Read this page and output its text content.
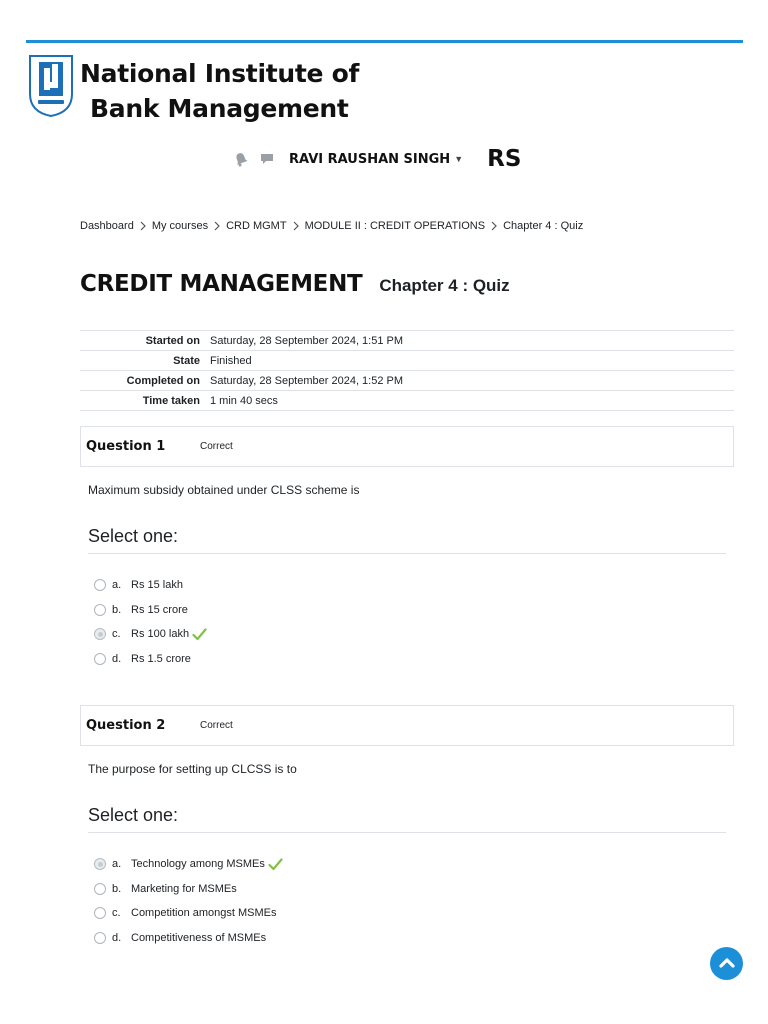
National Institute of
Bank Management
RAVI RAUSHAN SINGH ▼ RS
Dashboard My courses CRD MGMT MODULE II : CREDIT OPERATIONS Chapter 4 : Quiz
CREDIT MANAGEMENT Chapter 4 : Quiz
Started on	Saturday, 28 September 2024, 1:51 PM
State	Finished
Completed on	Saturday, 28 September 2024, 1:52 PM
Time taken	1 min 40 secs
Question 1	Correct
Maximum subsidy obtained under CLSS scheme is
Select one:
a. Rs 15 lakh
b. Rs 15 crore
c. Rs 100 lakh
d. Rs 1.5 crore
Question 2	Correct
The purpose for setting up CLCSS is to
Select one:
a. Technology among MSMEs
b. Marketing for MSMEs
c. Competition amongst MSMEs
d. Competitiveness of MSMEs
